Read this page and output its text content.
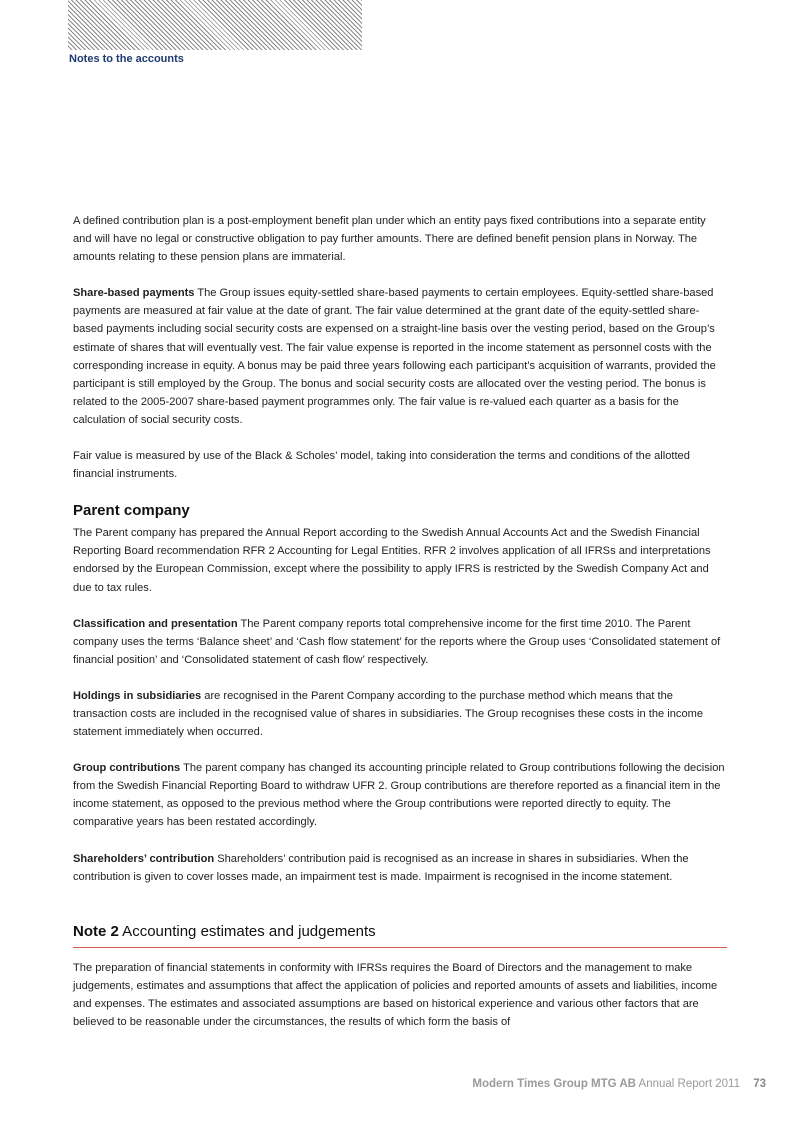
Notes to the accounts

A defined contribution plan is a post-employment benefit plan under which an entity pays fixed contributions into a separate entity and will have no legal or constructive obligation to pay further amounts. There are defined benefit pension plans in Norway. The amounts relating to these pension plans are immaterial.

Share-based payments The Group issues equity-settled share-based payments to certain employees. Equity-settled share-based payments are measured at fair value at the date of grant. The fair value determined at the grant date of the equity-settled share-based payments including social security costs are expensed on a straight-line basis over the vesting period, based on the Group’s estimate of shares that will eventually vest. The fair value expense is reported in the income statement as personnel costs with the corresponding increase in equity. A bonus may be paid three years following each participant’s acquisition of warrants, provided the participant is still employed by the Group. The bonus and social security costs are allocated over the vesting period. The bonus is related to the 2005-2007 share-based payment programmes only. The fair value is re-valued each quarter as a basis for the calculation of social security costs.

Fair value is measured by use of the Black & Scholes’ model, taking into consideration the terms and conditions of the allotted financial instruments.

Parent company

The Parent company has prepared the Annual Report according to the Swedish Annual Accounts Act and the Swedish Financial Reporting Board recommendation RFR 2 Accounting for Legal Entities. RFR 2 involves application of all IFRSs and interpretations endorsed by the European Commission, except where the possibility to apply IFRS is restricted by the Swedish Company Act and due to tax rules.

Classification and presentation The Parent company reports total comprehensive income for the first time 2010. The Parent company uses the terms ‘Balance sheet’ and ‘Cash flow statement’ for the reports where the Group uses ‘Consolidated statement of financial position’ and ‘Consolidated statement of cash flow’ respectively.

Holdings in subsidiaries are recognised in the Parent Company according to the purchase method which means that the transaction costs are included in the recognised value of shares in subsidiaries. The Group recognises these costs in the income statement immediately when occurred.

Group contributions The parent company has changed its accounting principle related to Group contributions following the decision from the Swedish Financial Reporting Board to withdraw UFR 2. Group contributions are therefore reported as a financial item in the income statement, as opposed to the previous method where the Group contributions were reported directly to equity. The comparative years has been restated accordingly.

Shareholders’ contribution Shareholders’ contribution paid is recognised as an increase in shares in subsidiaries. When the contribution is given to cover losses made, an impairment test is made. Impairment is recognised in the income statement.

Note 2 Accounting estimates and judgements

The preparation of financial statements in conformity with IFRSs requires the Board of Directors and the management to make judgements, estimates and assumptions that affect the application of policies and reported amounts of assets and liabilities, income and expenses. The estimates and associated assumptions are based on historical experience and various other factors that are believed to be reasonable under the circumstances, the results of which form the basis of

Modern Times Group MTG AB Annual Report 2011 73
